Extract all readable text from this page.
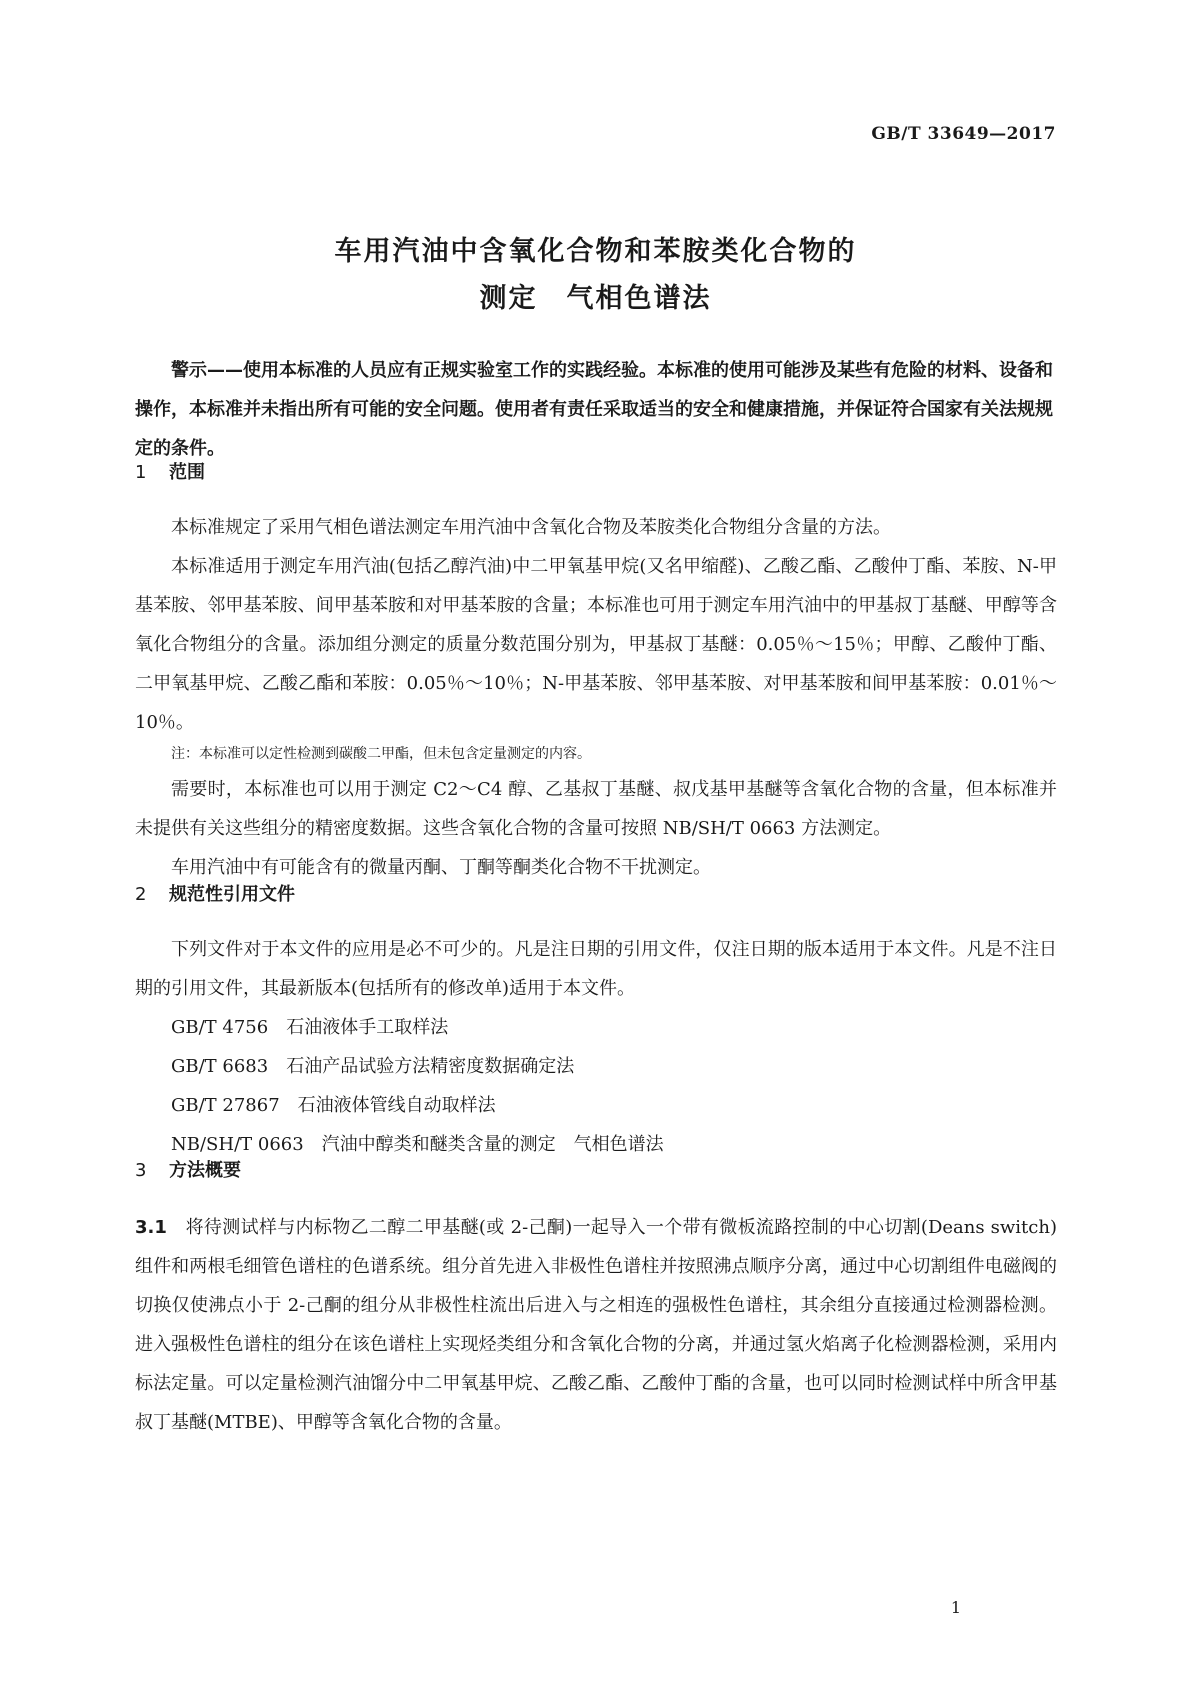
GB/T 33649—2017
车用汽油中含氧化合物和苯胺类化合物的
测定　气相色谱法

警示——使用本标准的人员应有正规实验室工作的实践经验。本标准的使用可能涉及某些有危险的材料、设备和操作，本标准并未指出所有可能的安全问题。使用者有责任采取适当的安全和健康措施，并保证符合国家有关法规规定的条件。

1 范围

本标准规定了采用气相色谱法测定车用汽油中含氧化合物及苯胺类化合物组分含量的方法。

本标准适用于测定车用汽油(包括乙醇汽油)中二甲氧基甲烷(又名甲缩醛)、乙酸乙酯、乙酸仲丁酯、苯胺、N-甲基苯胺、邻甲基苯胺、间甲基苯胺和对甲基苯胺的含量；本标准也可用于测定车用汽油中的甲基叔丁基醚、甲醇等含氧化合物组分的含量。添加组分测定的质量分数范围分别为，甲基叔丁基醚：0.05％～15％；甲醇、乙酸仲丁酯、二甲氧基甲烷、乙酸乙酯和苯胺：0.05％～10％；N-甲基苯胺、邻甲基苯胺、对甲基苯胺和间甲基苯胺：0.01％～10％。

注：本标准可以定性检测到碳酸二甲酯，但未包含定量测定的内容。

需要时，本标准也可以用于测定 C2～C4 醇、乙基叔丁基醚、叔戊基甲基醚等含氧化合物的含量，但本标准并未提供有关这些组分的精密度数据。这些含氧化合物的含量可按照 NB/SH/T 0663 方法测定。

车用汽油中有可能含有的微量丙酮、丁酮等酮类化合物不干扰测定。

2 规范性引用文件

下列文件对于本文件的应用是必不可少的。凡是注日期的引用文件，仅注日期的版本适用于本文件。凡是不注日期的引用文件，其最新版本(包括所有的修改单)适用于本文件。

GB/T 4756 石油液体手工取样法

GB/T 6683 石油产品试验方法精密度数据确定法

GB/T 27867 石油液体管线自动取样法

NB/SH/T 0663 汽油中醇类和醚类含量的测定　气相色谱法

3 方法概要

3.1　 将待测试样与内标物乙二醇二甲基醚(或 2-己酮)一起导入一个带有微板流路控制的中心切割(Deans switch)组件和两根毛细管色谱柱的色谱系统。组分首先进入非极性色谱柱并按照沸点顺序分离，通过中心切割组件电磁阀的切换仅使沸点小于 2-己酮的组分从非极性柱流出后进入与之相连的强极性色谱柱，其余组分直接通过检测器检测。进入强极性色谱柱的组分在该色谱柱上实现烃类组分和含氧化合物的分离，并通过氢火焰离子化检测器检测，采用内标法定量。可以定量检测汽油馏分中二甲氧基甲烷、乙酸乙酯、乙酸仲丁酯的含量，也可以同时检测试样中所含甲基叔丁基醚(MTBE)、甲醇等含氧化合物的含量。

1
